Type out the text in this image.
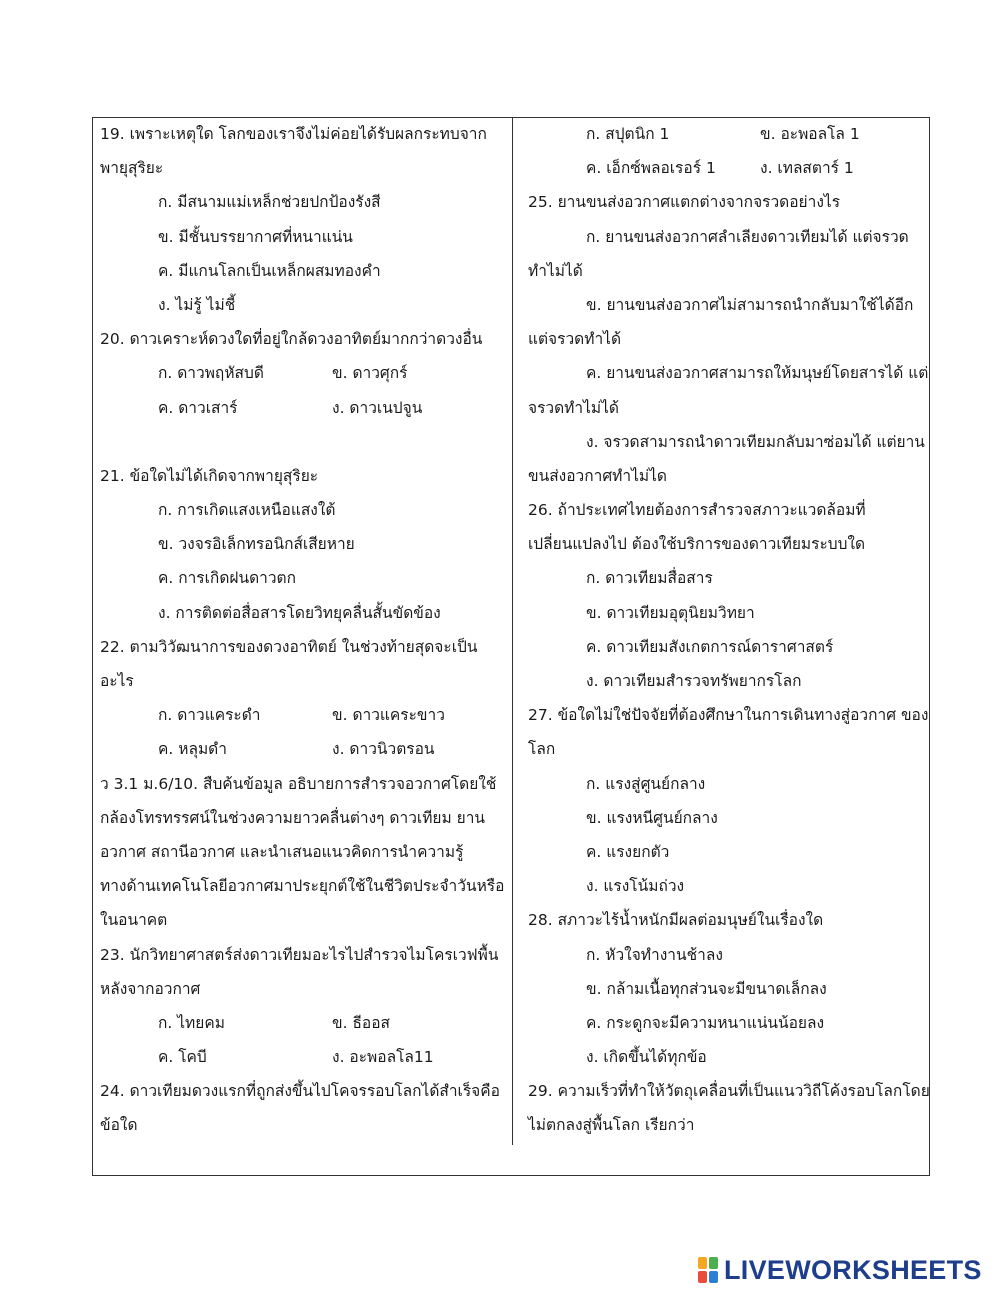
19. เพราะเหตุใด โลกของเราจึงไม่ค่อยได้รับผลกระทบจาก
พายุสุริยะ
ก. มีสนามแม่เหล็กช่วยปกป้องรังสี
ข. มีชั้นบรรยากาศที่หนาแน่น
ค. มีแกนโลกเป็นเหล็กผสมทองคำ
ง. ไม่รู้ ไม่ชี้
20. ดาวเคราะห์ดวงใดที่อยู่ใกล้ดวงอาทิตย์มากกว่าดวงอื่น
ก. ดาวพฤหัสบดี	ข. ดาวศุกร์
ค. ดาวเสาร์	ง. ดาวเนปจูน
21. ข้อใดไม่ได้เกิดจากพายุสุริยะ
ก. การเกิดแสงเหนือแสงใต้
ข. วงจรอิเล็กทรอนิกส์เสียหาย
ค. การเกิดฝนดาวตก
ง. การติดต่อสื่อสารโดยวิทยุคลื่นสั้นขัดข้อง
22. ตามวิวัฒนาการของดวงอาทิตย์ ในช่วงท้ายสุดจะเป็น
อะไร
ก. ดาวแคระดำ	ข. ดาวแคระขาว
ค. หลุมดำ	ง. ดาวนิวตรอน
ว 3.1 ม.6/10. สืบค้นข้อมูล อธิบายการสำรวจอวกาศโดยใช้
กล้องโทรทรรศน์ในช่วงความยาวคลื่นต่างๆ ดาวเทียม ยาน
อวกาศ สถานีอวกาศ และนำเสนอแนวคิดการนำความรู้
ทางด้านเทคโนโลยีอวกาศมาประยุกต์ใช้ในชีวิตประจำวันหรือ
ในอนาคต
23. นักวิทยาศาสตร์ส่งดาวเทียมอะไรไปสำรวจไมโครเวฟพื้น
หลังจากอวกาศ
ก. ไทยคม	ข. ธีออส
ค. โคบี	ง. อะพอลโล11
24. ดาวเทียมดวงแรกที่ถูกส่งขึ้นไปโคจรรอบโลกได้สำเร็จคือ
ข้อใด
ก. สปุตนิก 1	ข. อะพอลโล 1
ค. เอ็กซ์พลอเรอร์ 1	ง. เทลสตาร์ 1
25. ยานขนส่งอวกาศแตกต่างจากจรวดอย่างไร
ก. ยานขนส่งอวกาศลำเลียงดาวเทียมได้ แต่จรวด
ทำไม่ได้
ข. ยานขนส่งอวกาศไม่สามารถนำกลับมาใช้ได้อีก
แต่จรวดทำได้
ค. ยานขนส่งอวกาศสามารถให้มนุษย์โดยสารได้ แต่
จรวดทำไม่ได้
ง. จรวดสามารถนำดาวเทียมกลับมาซ่อมได้ แต่ยาน
ขนส่งอวกาศทำไม่ได
26. ถ้าประเทศไทยต้องการสำรวจสภาวะแวดล้อมที่
เปลี่ยนแปลงไป ต้องใช้บริการของดาวเทียมระบบใด
ก. ดาวเทียมสื่อสาร
ข. ดาวเทียมอุตุนิยมวิทยา
ค. ดาวเทียมสังเกตการณ์ดาราศาสตร์
ง. ดาวเทียมสำรวจทรัพยากรโลก
27. ข้อใดไม่ใช่ปัจจัยที่ต้องศึกษาในการเดินทางสู่อวกาศ ของ
โลก
ก. แรงสู่ศูนย์กลาง
ข. แรงหนีศูนย์กลาง
ค. แรงยกตัว
ง. แรงโน้มถ่วง
28. สภาวะไร้น้ำหนักมีผลต่อมนุษย์ในเรื่องใด
ก. หัวใจทำงานช้าลง
ข. กล้ามเนื้อทุกส่วนจะมีขนาดเล็กลง
ค. กระดูกจะมีความหนาแน่นน้อยลง
ง. เกิดขึ้นได้ทุกข้อ
29. ความเร็วที่ทำให้วัตถุเคลื่อนที่เป็นแนววิถีโค้งรอบโลกโดย
ไม่ตกลงสู่พื้นโลก เรียกว่า
LIVEWORKSHEETS
